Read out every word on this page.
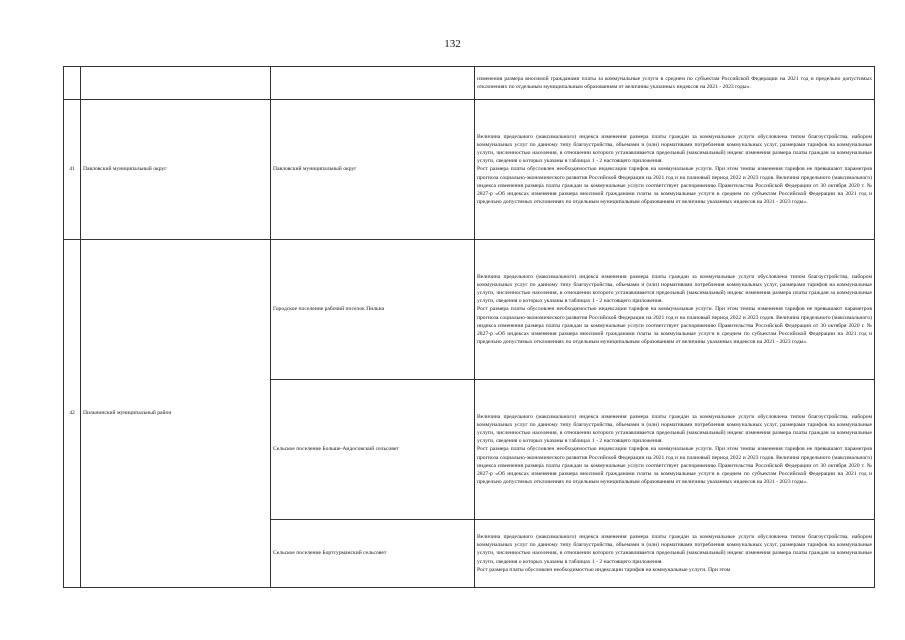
132

			изменения размера вносимой гражданами платы за коммунальные услуги в среднем по субъектам Российской Федерации на 2021 год и предельно допустимых отклонениях по отдельным муниципальным образованиям от величины указанных индексов на 2021 - 2023 годы».

41	Павловский муниципальный округ	Павловский муниципальный округ	Величина предельного (максимального) индекса изменения размера платы граждан за коммунальные услуги обусловлена типом благоустройства, набором коммунальных услуг по данному типу благоустройства, объемами и (или) нормативами потребления коммунальных услуг, размерами тарифов на коммунальные услуги, численностью населения, в отношении которого устанавливается предельный (максимальный) индекс изменения размера платы граждан за коммунальные услуги, сведения о которых указаны в таблицах 1 - 2 настоящего приложения.

Рост размера платы обусловлен необходимостью индексации тарифов на коммунальные услуги. При этом темпы изменения тарифов не превышают параметров прогноза социально-экономического развития Российской Федерации на 2021 год и на плановый период 2022 и 2023 годов. Величина предельного (максимального) индекса изменения размера платы граждан за коммунальные услуги соответствует распоряжению Правительства Российской Федерации от 30 октября 2020 г. № 2827-р «Об индексах изменения размера вносимой гражданами платы за коммунальные услуги в среднем по субъектам Российской Федерации на 2021 год и предельно допустимых отклонениях по отдельным муниципальным образованиям от величины указанных индексов на 2021 - 2023 годы».

42	Пильнинский муниципальный район	Городское поселение рабочий поселок Пильна	Величина предельного (максимального) индекса изменения размера платы граждан за коммунальные услуги обусловлена типом благоустройства, набором коммунальных услуг по данному типу благоустройства, объемами и (или) нормативами потребления коммунальных услуг, размерами тарифов на коммунальные услуги, численностью населения, в отношении которого устанавливается предельный (максимальный) индекс изменения размера платы граждан за коммунальные услуги, сведения о которых указаны в таблицах 1 - 2 настоящего приложения.

Рост размера платы обусловлен необходимостью индексации тарифов на коммунальные услуги. При этом темпы изменения тарифов не превышают параметров прогноза социально-экономического развития Российской Федерации на 2021 год и на плановый период 2022 и 2023 годов. Величина предельного (максимального) индекса изменения размера платы граждан за коммунальные услуги соответствует распоряжению Правительства Российской Федерации от 30 октября 2020 г. № 2827-р «Об индексах изменения размера вносимой гражданами платы за коммунальные услуги в среднем по субъектам Российской Федерации на 2021 год и предельно допустимых отклонениях по отдельным муниципальным образованиям от величины указанных индексов на 2021 - 2023 годы».

		Сельское поселение Больше-Андосовский сельсовет	Величина предельного (максимального) индекса изменения размера платы граждан за коммунальные услуги обусловлена типом благоустройства, набором коммунальных услуг по данному типу благоустройства, объемами и (или) нормативами потребления коммунальных услуг, размерами тарифов на коммунальные услуги, численностью населения, в отношении которого устанавливается предельный (максимальный) индекс изменения размера платы граждан за коммунальные услуги, сведения о которых указаны в таблицах 1 - 2 настоящего приложения.

Рост размера платы обусловлен необходимостью индексации тарифов на коммунальные услуги. При этом темпы изменения тарифов не превышают параметров прогноза социально-экономического развития Российской Федерации на 2021 год и на плановый период 2022 и 2023 годов. Величина предельного (максимального) индекса изменения размера платы граждан за коммунальные услуги соответствует распоряжению Правительства Российской Федерации от 30 октября 2020 г. № 2827-р «Об индексах изменения размера вносимой гражданами платы за коммунальные услуги в среднем по субъектам Российской Федерации на 2021 год и предельно допустимых отклонениях по отдельным муниципальным образованиям от величины указанных индексов на 2021 - 2023 годы».

		Сельское поселение Бортсурманский сельсовет	Величина предельного (максимального) индекса изменения размера платы граждан за коммунальные услуги обусловлена типом благоустройства, набором коммунальных услуг по данному типу благоустройства, объемами и (или) нормативами потребления коммунальных услуг, размерами тарифов на коммунальные услуги, численностью населения, в отношении которого устанавливается предельный (максимальный) индекс изменения размера платы граждан за коммунальные услуги, сведения о которых указаны в таблицах 1 - 2 настоящего приложения.

Рост размера платы обусловлен необходимостью индексации тарифов на коммунальные услуги. При этом
